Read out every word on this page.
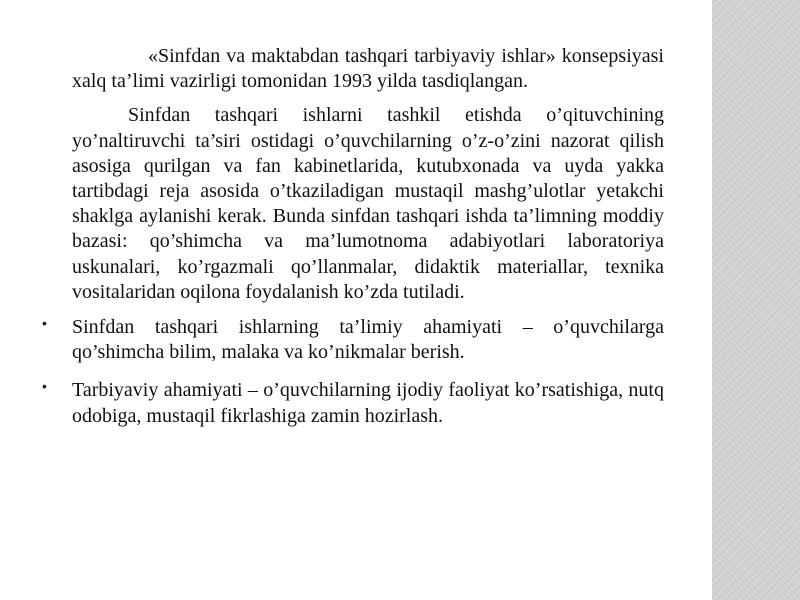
«Sinfdan va maktabdan tashqari tarbiyaviy ishlar» konsepsiyasi xalq ta’limi vazirligi tomonidan 1993 yilda tasdiqlangan.

Sinfdan tashqari ishlarni tashkil etishda o’qituvchining yo’naltiruvchi ta’siri ostidagi o’quvchilarning o’z-o’zini nazorat qilish asosiga qurilgan va fan kabinetlarida, kutubxonada va uyda yakka tartibdagi reja asosida o’tkaziladigan mustaqil mashg’ulotlar yetakchi shaklga aylanishi kerak. Bunda sinfdan tashqari ishda ta’limning moddiy bazasi: qo’shimcha va ma’lumotnoma adabiyotlari laboratoriya uskunalari, ko’rgazmali qo’llanmalar, didaktik materiallar, texnika vositalaridan oqilona foydalanish ko’zda tutiladi.

• Sinfdan tashqari ishlarning ta’limiy ahamiyati – o’quvchilarga qo’shimcha bilim, malaka va ko’nikmalar berish.

• Tarbiyaviy ahamiyati – o’quvchilarning ijodiy faoliyat ko’rsatishiga, nutq odobiga, mustaqil fikrlashiga zamin hozirlash.
